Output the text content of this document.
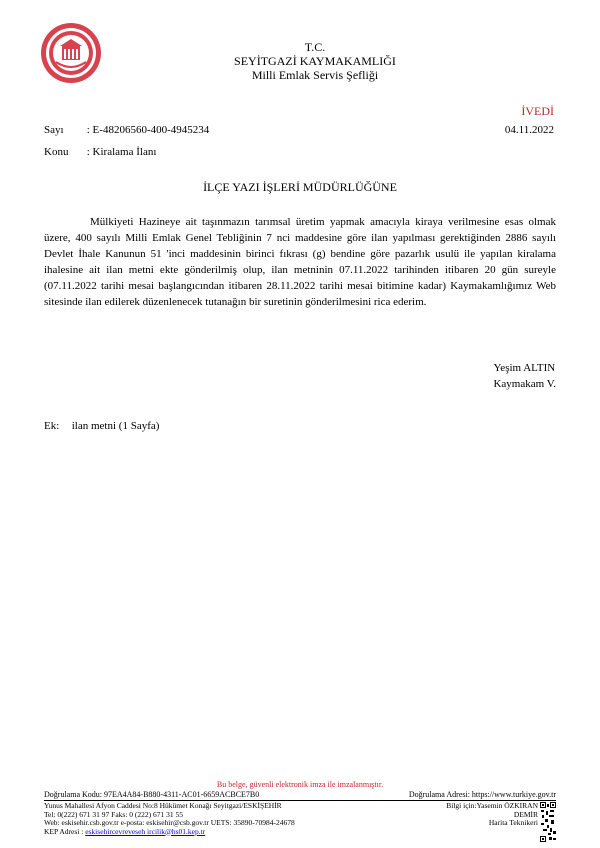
T.C.
SEYİTGAZİ KAYMAKAMLIĞI
Milli Emlak Servis Şefliği
İVEDİ
Sayı : E-48206560-400-4945234	04.11.2022
Konu : Kiralama İlanı
İLÇE YAZI İŞLERİ MÜDÜRLÜĞÜNE

Mülkiyeti Hazineye ait taşınmazın tarımsal üretim yapmak amacıyla kiraya verilmesine esas olmak üzere, 400 sayılı Milli Emlak Genel Tebliğinin 7 nci maddesine göre ilan yapılması gerektiğinden 2886 sayılı Devlet İhale Kanunun 51 'inci maddesinin birinci fıkrası (g) bendine göre pazarlık usulü ile yapılan kiralama ihalesine ait ilan metni ekte gönderilmiş olup, ilan metninin 07.11.2022 tarihinden itibaren 20 gün sureyle (07.11.2022 tarihi mesai başlangıcından itibaren 28.11.2022 tarihi mesai bitimine kadar) Kaymakamlığımız Web sitesinde ilan edilerek düzenlenecek tutanağın bir suretinin gönderilmesini rica ederim.

Yeşim ALTIN
Kaymakam V.
Ek: ilan metni (1 Sayfa)
Bu belge, güvenli elektronik imza ile imzalanmıştır.
Doğrulama Kodu: 97EA4A84-B880-4311-AC01-6659ACBCE7B0	Doğrulama Adresi: https://www.turkiye.gov.tr
Yunus Mahallesi Afyon Caddesi No:8 Hükümet Konağı Seyitgazi/ESKİŞEHİR
Tel: 0(222) 671 31 97 Faks: 0 (222) 671 31 55
Web: eskisehir.csb.gov.tr e-posta: eskisehir@csb.gov.tr UETS: 35890-70984-24678
KEP Adresi : eskisehircevreveseh ircilik@hs01.kep.tr
Bilgi için:Yasemin ÖZKIRAN
DEMİR
Harita Teknikeri
